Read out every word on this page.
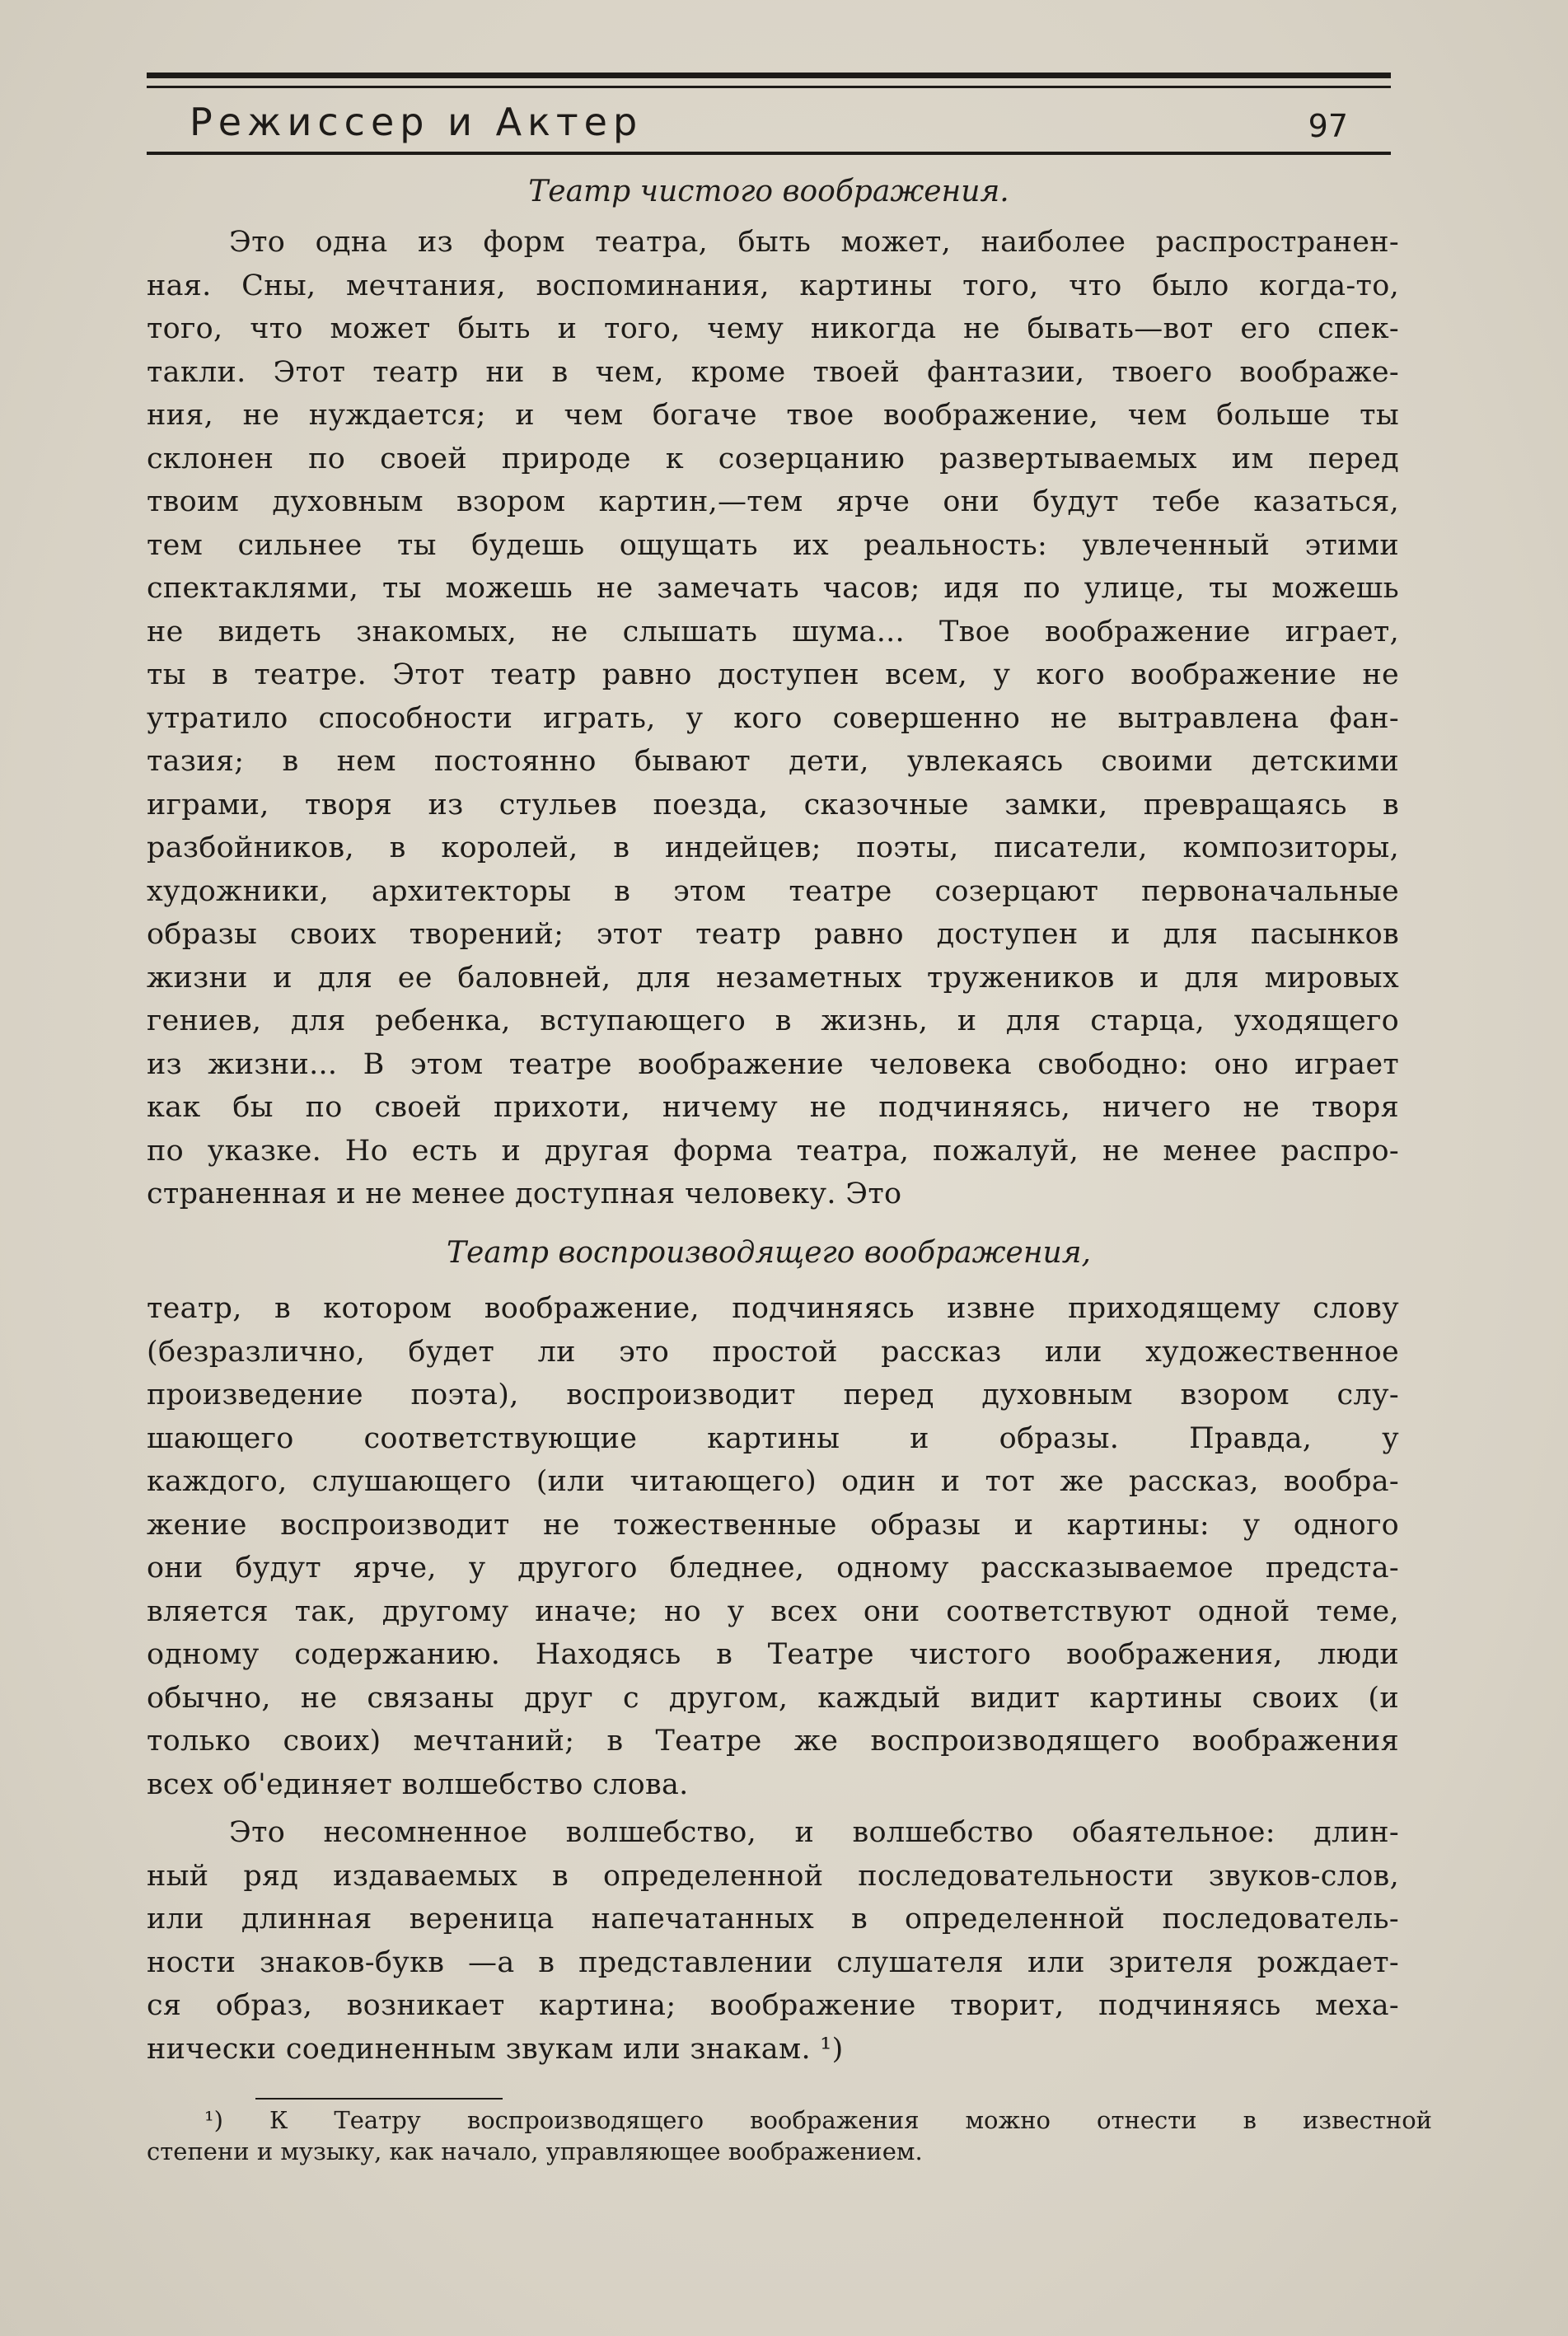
Режиссер и Актер	97
Театр чистого воображения.
Это одна из форм театра, быть может, наиболее распространен-
ная. Сны, мечтания, воспоминания, картины того, что было когда-то,
того, что может быть и того, чему никогда не бывать—вот его спек-
такли. Этот театр ни в чем, кроме твоей фантазии, твоего воображе-
ния, не нуждается; и чем богаче твое воображение, чем больше ты
склонен по своей природе к созерцанию развертываемых им перед
твоим духовным взором картин,—тем ярче они будут тебе казаться,
тем сильнее ты будешь ощущать их реальность: увлеченный этими
спектаклями, ты можешь не замечать часов; идя по улице, ты можешь
не видеть знакомых, не слышать шума... Твое воображение играет,
ты в театре. Этот театр равно доступен всем, у кого воображение не
утратило способности играть, у кого совершенно не вытравлена фан-
тазия; в нем постоянно бывают дети, увлекаясь своими детскими
играми, творя из стульев поезда, сказочные замки, превращаясь в
разбойников, в королей, в индейцев; поэты, писатели, композиторы,
художники, архитекторы в этом театре созерцают первоначальные
образы своих творений; этот театр равно доступен и для пасынков
жизни и для ее баловней, для незаметных тружеников и для мировых
гениев, для ребенка, вступающего в жизнь, и для старца, уходящего
из жизни... В этом театре воображение человека свободно: оно играет
как бы по своей прихоти, ничему не подчиняясь, ничего не творя
по указке. Но есть и другая форма театра, пожалуй, не менее распро-
страненная и не менее доступная человеку. Это
Театр воспроизводящего воображения,
театр, в котором воображение, подчиняясь извне приходящему слову
(безразлично, будет ли это простой рассказ или художественное
произведение поэта), воспроизводит перед духовным взором слу-
шающего соответствующие картины и образы. Правда, у
каждого, слушающего (или читающего) один и тот же рассказ, вообра-
жение воспроизводит не тожественные образы и картины: у одного
они будут ярче, у другого бледнее, одному рассказываемое предста-
вляется так, другому иначе; но у всех они соответствуют одной теме,
одному содержанию. Находясь в Театре чистого воображения, люди
обычно, не связаны друг с другом, каждый видит картины своих (и
только своих) мечтаний; в Театре же воспроизводящего воображения
всех об'единяет волшебство слова.
Это несомненное волшебство, и волшебство обаятельное: длин-
ный ряд издаваемых в определенной последовательности звуков-слов,
или длинная вереница напечатанных в определенной последователь-
ности знаков-букв —а в представлении слушателя или зрителя рождает-
ся образ, возникает картина; воображение творит, подчиняясь меха-
нически соединенным звукам или знакам. ¹)
¹) К Театру воспроизводящего воображения можно отнести в известной
степени и музыку, как начало, управляющее воображением.
